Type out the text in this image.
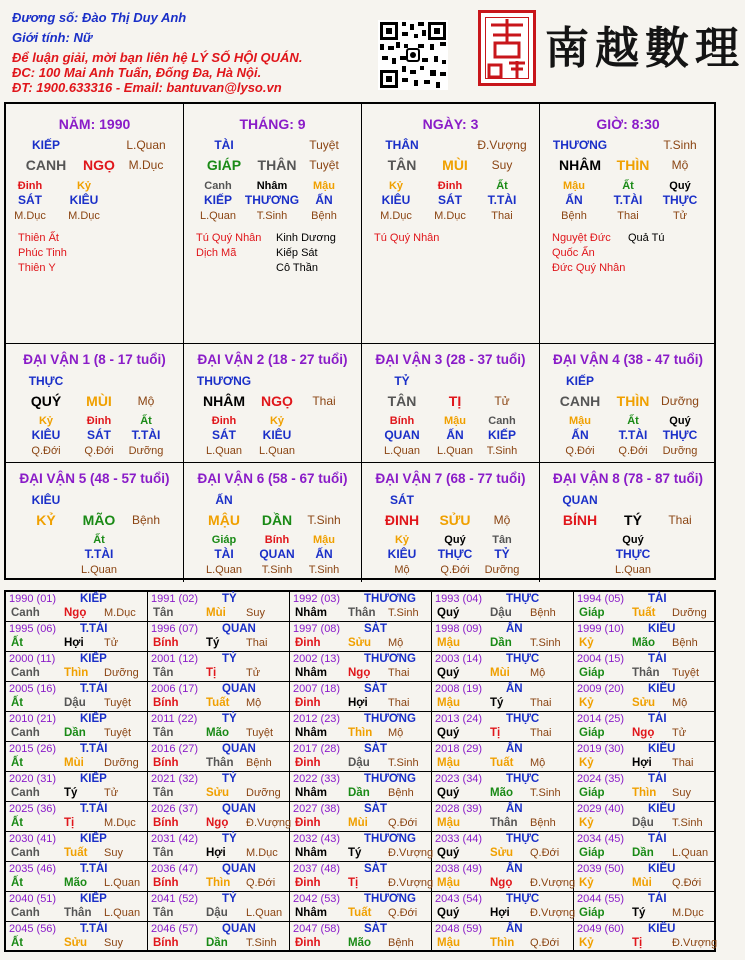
Đương số: Đào Thị Duy Anh
Giới tính: Nữ
Để luận giải, mời bạn liên hệ LÝ SỐ HỘI QUÁN.
ĐC: 100 Mai Anh Tuấn, Đống Đa, Hà Nội.
ĐT: 1900.633316 - Email: bantuvan@lyso.vn
南越數理
NĂM: 1990
KIẾP	L.Quan
CANH NGỌ M.Dục
Đinh
SÁT
M.Dục
Kỷ
KIÊU
M.Dục
Thiên Ất
Phúc Tinh
Thiên Y
THÁNG: 9
TÀI	Tuyệt
GIÁP THÂN Tuyệt
Canh
KIẾP
L.Quan
Nhâm
THƯƠNG
T.Sinh
Mậu
ẤN
Bệnh
Tú Quý Nhân
Dịch Mã
Kinh Dương
Kiếp Sát
Cô Thần
NGÀY: 3
THÂN	Đ.Vượng
TÂN MÙI Suy
Kỷ
KIÊU
M.Dục
Đinh
SÁT
M.Dục
Ất
T.TÀI
Thai
Tú Quý Nhân
GIỜ: 8:30
THƯƠNG	T.Sinh
NHÂM THÌN Mộ
Mậu
ẤN
Bệnh
Ất
T.TÀI
Thai
Quý
THỰC
Tử
Nguyệt Đức
Quốc Ấn
Đức Quý Nhân
Quả Tú
ĐẠI VẬN 1 (8 - 17 tuổi)
THỰC
QUÝ MÙI Mộ
Kỷ
KIÊU
Q.Đới
Đinh
SÁT
Q.Đới
Ất
T.TÀI
Dưỡng
ĐẠI VẬN 2 (18 - 27 tuổi)
THƯƠNG
NHÂM NGỌ Thai
Đinh
SÁT
L.Quan
Kỷ
KIÊU
L.Quan
ĐẠI VẬN 3 (28 - 37 tuổi)
TỶ
TÂN TỊ	Tử
Bính
QUAN
L.Quan
Mậu
ẤN
L.Quan
Canh
KIẾP
T.Sinh
ĐẠI VẬN 4 (38 - 47 tuổi)
KIẾP
CANH THÌN Dưỡng
Mậu
ẤN
Q.Đới
Ất
T.TÀI
Q.Đới
Quý
THỰC
Dưỡng
ĐẠI VẬN 5 (48 - 57 tuổi)
KIÊU
KỶ MÃO Bệnh
Ất
T.TÀI
L.Quan
ĐẠI VẬN 6 (58 - 67 tuổi)
ẤN
MẬU DẦN T.Sinh
Giáp
TÀI
L.Quan
Bính
QUAN
T.Sinh
Mậu
ẤN
T.Sinh
ĐẠI VẬN 7 (68 - 77 tuổi)
SÁT
ĐINH SỬU Mộ
Kỷ
KIÊU
Mộ
Quý
THỰC
Q.Đới
Tân
TỶ
Dưỡng
ĐẠI VẬN 8 (78 - 87 tuổi)
QUAN
BÍNH TÝ Thai
Quý
THỰC
L.Quan
1990 (01) KIẾP
Canh Ngọ M.Dục
1991 (02) TỶ
Tân	Mùi Suy
1992 (03) THƯƠNG
Nhâm Thân T.Sinh
1993 (04) THỰC
Quý	Dậu Bệnh
1994 (05) TÀI
Giáp Tuất Dưỡng
1995 (06) T.TÀI
Ất	Hợi Tử
1996 (07) QUAN
Bính Tý Thai
1997 (08) SÁT
Đinh Sửu Mộ
1998 (09) ẤN
Mậu	Dần T.Sinh
1999 (10) KIÊU
Kỷ	Mão Bệnh
2000 (11) KIẾP
Canh Thìn Dưỡng
2001 (12) TỶ
Tân	Tị	Tử
2002 (13) THƯƠNG
Nhâm Ngọ Thai
2003 (14) THỰC
Quý	Mùi Mộ
2004 (15) TÀI
Giáp Thân Tuyệt
2005 (16) T.TÀI
Ất	Dậu Tuyệt
2006 (17) QUAN
Bính Tuất Mộ
2007 (18) SÁT
Đinh Hợi Thai
2008 (19) ẤN
Mậu	Tý Thai
2009 (20) KIÊU
Kỷ	Sửu Mộ
2010 (21) KIẾP
Canh Dần Tuyệt
2011 (22) TỶ
Tân	Mão Tuyệt
2012 (23) THƯƠNG
Nhâm Thìn Mộ
2013 (24) THỰC
Quý	Tị	Thai
2014 (25) TÀI
Giáp Ngọ Tử
2015 (26) T.TÀI
Ất	Mùi Dưỡng
2016 (27) QUAN
Bính Thân Bệnh
2017 (28) SÁT
Đinh Dậu T.Sinh
2018 (29) ẤN
Mậu	Tuất Mộ
2019 (30) KIÊU
Kỷ	Hợi Thai
2020 (31) KIẾP
Canh Tý Tử
2021 (32) TỶ
Tân	Sửu Dưỡng
2022 (33) THƯƠNG
Nhâm Dần Bệnh
2023 (34) THỰC
Quý	Mão T.Sinh
2024 (35) TÀI
Giáp Thìn Suy
2025 (36) T.TÀI
Ất	Tị	M.Dục
2026 (37) QUAN
Bính Ngọ Đ.Vượng
2027 (38) SÁT
Đinh Mùi Q.Đới
2028 (39) ẤN
Mậu	Thân Bệnh
2029 (40) KIÊU
Kỷ	Dậu T.Sinh
2030 (41) KIẾP
Canh Tuất Suy
2031 (42) TỶ
Tân	Hợi M.Dục
2032 (43) THƯƠNG
Nhâm Tý Đ.Vượng
2033 (44) THỰC
Quý	Sửu Q.Đới
2034 (45) TÀI
Giáp Dần L.Quan
2035 (46) T.TÀI
Ất	Mão L.Quan
2036 (47) QUAN
Bính Thìn Q.Đới
2037 (48) SÁT
Đinh Tị	Đ.Vượng
2038 (49) ẤN
Mậu	Ngọ Đ.Vượng
2039 (50) KIÊU
Kỷ	Mùi Q.Đới
2040 (51) KIẾP
Canh Thân L.Quan
2041 (52) TỶ
Tân	Dậu L.Quan
2042 (53) THƯƠNG
Nhâm Tuất Q.Đới
2043 (54) THỰC
Quý	Hợi Đ.Vượng
2044 (55) TÀI
Giáp Tý M.Dục
2045 (56) T.TÀI
Ất	Sửu Suy
2046 (57) QUAN
Bính Dần T.Sinh
2047 (58) SÁT
Đinh Mão Bệnh
2048 (59) ẤN
Mậu	Thìn Q.Đới
2049 (60) KIÊU
Kỷ	Tị	Đ.Vượng
